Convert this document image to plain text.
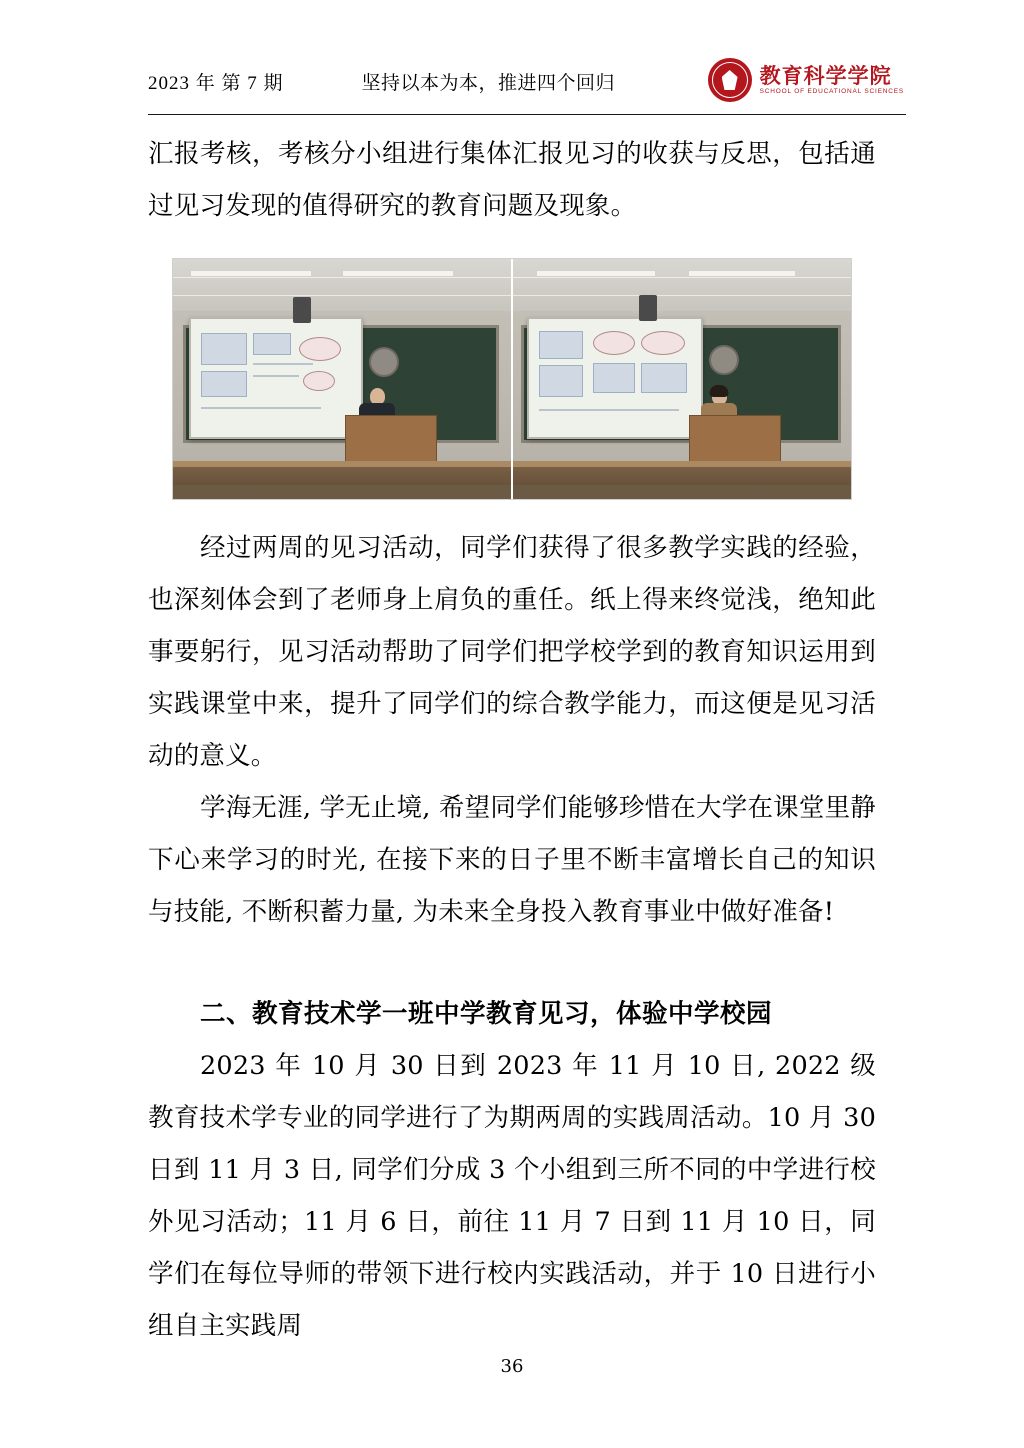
2023 年 第 7 期	坚持以本为本，推进四个回归	教育科学学院
SCHOOL OF EDUCATIONAL SCIENCES

汇报考核，考核分小组进行集体汇报见习的收获与反思，包括通过见习发现的值得研究的教育问题及现象。

经过两周的见习活动，同学们获得了很多教学实践的经验，也深刻体会到了老师身上肩负的重任。纸上得来终觉浅，绝知此事要躬行，见习活动帮助了同学们把学校学到的教育知识运用到实践课堂中来，提升了同学们的综合教学能力，而这便是见习活动的意义。

学海无涯, 学无止境, 希望同学们能够珍惜在大学在课堂里静下心来学习的时光, 在接下来的日子里不断丰富增长自己的知识与技能, 不断积蓄力量, 为未来全身投入教育事业中做好准备!

二、教育技术学一班中学教育见习，体验中学校园

2023 年 10 月 30 日到 2023 年 11 月 10 日, 2022 级教育技术学专业的同学进行了为期两周的实践周活动。10 月 30 日到 11 月 3 日, 同学们分成 3 个小组到三所不同的中学进行校外见习活动；11 月 6 日，前往 11 月 7 日到 11 月 10 日，同学们在每位导师的带领下进行校内实践活动，并于 10 日进行小组自主实践周

36
